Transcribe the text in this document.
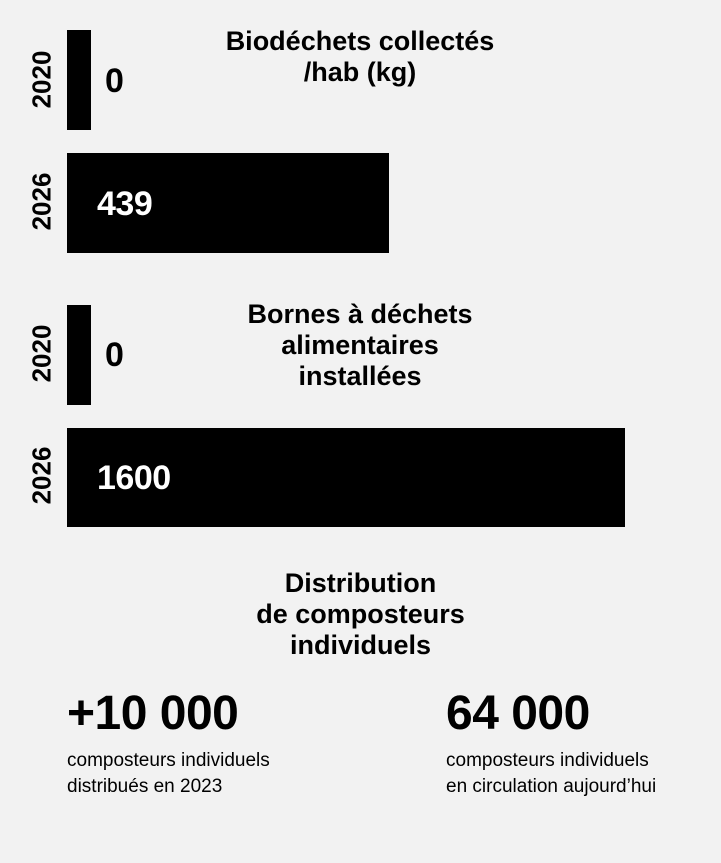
Biodéchets collectés
/hab (kg)
2020 0
2026 439
Bornes à déchets
alimentaires
installées
2020 0
2026 1600
Distribution
de composteurs
individuels
+10 000
composteurs individuels
distribués en 2023
64 000
composteurs individuels
en circulation aujourd’hui
